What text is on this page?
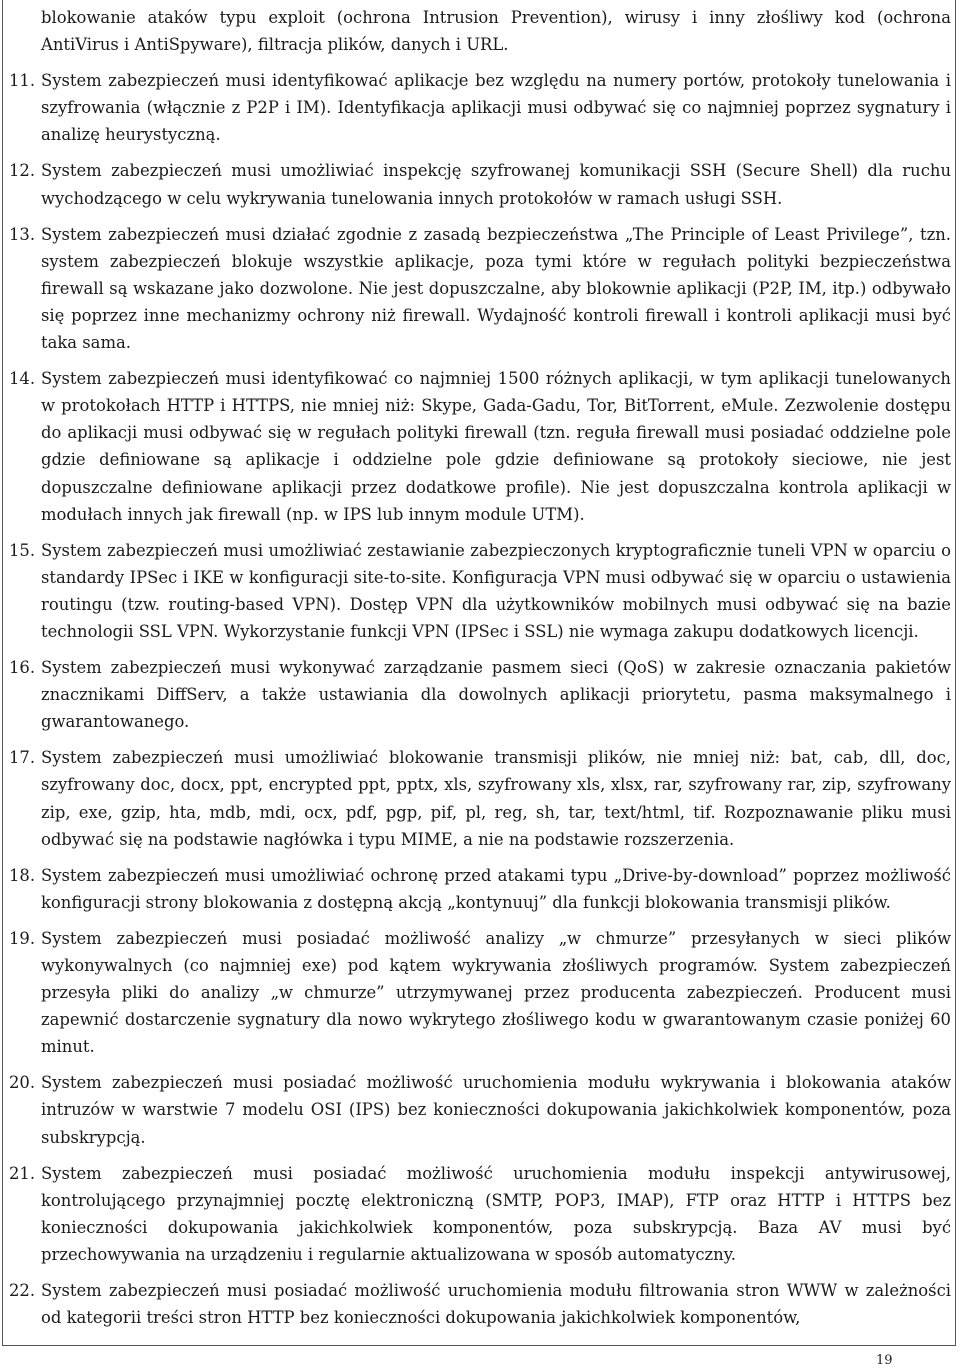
blokowanie ataków typu exploit (ochrona Intrusion Prevention), wirusy i inny złośliwy kod (ochrona AntiVirus i AntiSpyware), filtracja plików, danych i URL.

11. System zabezpieczeń musi identyfikować aplikacje bez względu na numery portów, protokoły tunelowania i szyfrowania (włącznie z P2P i IM). Identyfikacja aplikacji musi odbywać się co najmniej poprzez sygnatury i analizę heurystyczną.
12. System zabezpieczeń musi umożliwiać inspekcję szyfrowanej komunikacji SSH (Secure Shell) dla ruchu wychodzącego w celu wykrywania tunelowania innych protokołów w ramach usługi SSH.
13. System zabezpieczeń musi działać zgodnie z zasadą bezpieczeństwa „The Principle of Least Privilege”, tzn. system zabezpieczeń blokuje wszystkie aplikacje, poza tymi które w regułach polityki bezpieczeństwa firewall są wskazane jako dozwolone. Nie jest dopuszczalne, aby blokownie aplikacji (P2P, IM, itp.) odbywało się poprzez inne mechanizmy ochrony niż firewall. Wydajność kontroli firewall i kontroli aplikacji musi być taka sama.
14. System zabezpieczeń musi identyfikować co najmniej 1500 różnych aplikacji, w tym aplikacji tunelowanych w protokołach HTTP i HTTPS, nie mniej niż: Skype, Gada-Gadu, Tor, BitTorrent, eMule. Zezwolenie dostępu do aplikacji musi odbywać się w regułach polityki firewall (tzn. reguła firewall musi posiadać oddzielne pole gdzie definiowane są aplikacje i oddzielne pole gdzie definiowane są protokoły sieciowe, nie jest dopuszczalne definiowane aplikacji przez dodatkowe profile). Nie jest dopuszczalna kontrola aplikacji w modułach innych jak firewall (np. w IPS lub innym module UTM).
15. System zabezpieczeń musi umożliwiać zestawianie zabezpieczonych kryptograficznie tuneli VPN w oparciu o standardy IPSec i IKE w konfiguracji site-to-site. Konfiguracja VPN musi odbywać się w oparciu o ustawienia routingu (tzw. routing-based VPN). Dostęp VPN dla użytkowników mobilnych musi odbywać się na bazie technologii SSL VPN. Wykorzystanie funkcji VPN (IPSec i SSL) nie wymaga zakupu dodatkowych licencji.
16. System zabezpieczeń musi wykonywać zarządzanie pasmem sieci (QoS) w zakresie oznaczania pakietów znacznikami DiffServ, a także ustawiania dla dowolnych aplikacji priorytetu, pasma maksymalnego i gwarantowanego.
17. System zabezpieczeń musi umożliwiać blokowanie transmisji plików, nie mniej niż: bat, cab, dll, doc, szyfrowany doc, docx, ppt, encrypted ppt, pptx, xls, szyfrowany xls, xlsx, rar, szyfrowany rar, zip, szyfrowany zip, exe, gzip, hta, mdb, mdi, ocx, pdf, pgp, pif, pl, reg, sh, tar, text/html, tif. Rozpoznawanie pliku musi odbywać się na podstawie nagłówka i typu MIME, a nie na podstawie rozszerzenia.
18. System zabezpieczeń musi umożliwiać ochronę przed atakami typu „Drive-by-download” poprzez możliwość konfiguracji strony blokowania z dostępną akcją „kontynuuj” dla funkcji blokowania transmisji plików.
19. System zabezpieczeń musi posiadać możliwość analizy „w chmurze” przesyłanych w sieci plików wykonywalnych (co najmniej exe) pod kątem wykrywania złośliwych programów. System zabezpieczeń przesyła pliki do analizy „w chmurze” utrzymywanej przez producenta zabezpieczeń. Producent musi zapewnić dostarczenie sygnatury dla nowo wykrytego złośliwego kodu w gwarantowanym czasie poniżej 60 minut.
20. System zabezpieczeń musi posiadać możliwość uruchomienia modułu wykrywania i blokowania ataków intruzów w warstwie 7 modelu OSI (IPS) bez konieczności dokupowania jakichkolwiek komponentów, poza subskrypcją.
21. System zabezpieczeń musi posiadać możliwość uruchomienia modułu inspekcji antywirusowej, kontrolującego przynajmniej pocztę elektroniczną (SMTP, POP3, IMAP), FTP oraz HTTP i HTTPS bez konieczności dokupowania jakichkolwiek komponentów, poza subskrypcją. Baza AV musi być przechowywania na urządzeniu i regularnie aktualizowana w sposób automatyczny.
22. System zabezpieczeń musi posiadać możliwość uruchomienia modułu filtrowania stron WWW w zależności od kategorii treści stron HTTP bez konieczności dokupowania jakichkolwiek komponentów,
19
